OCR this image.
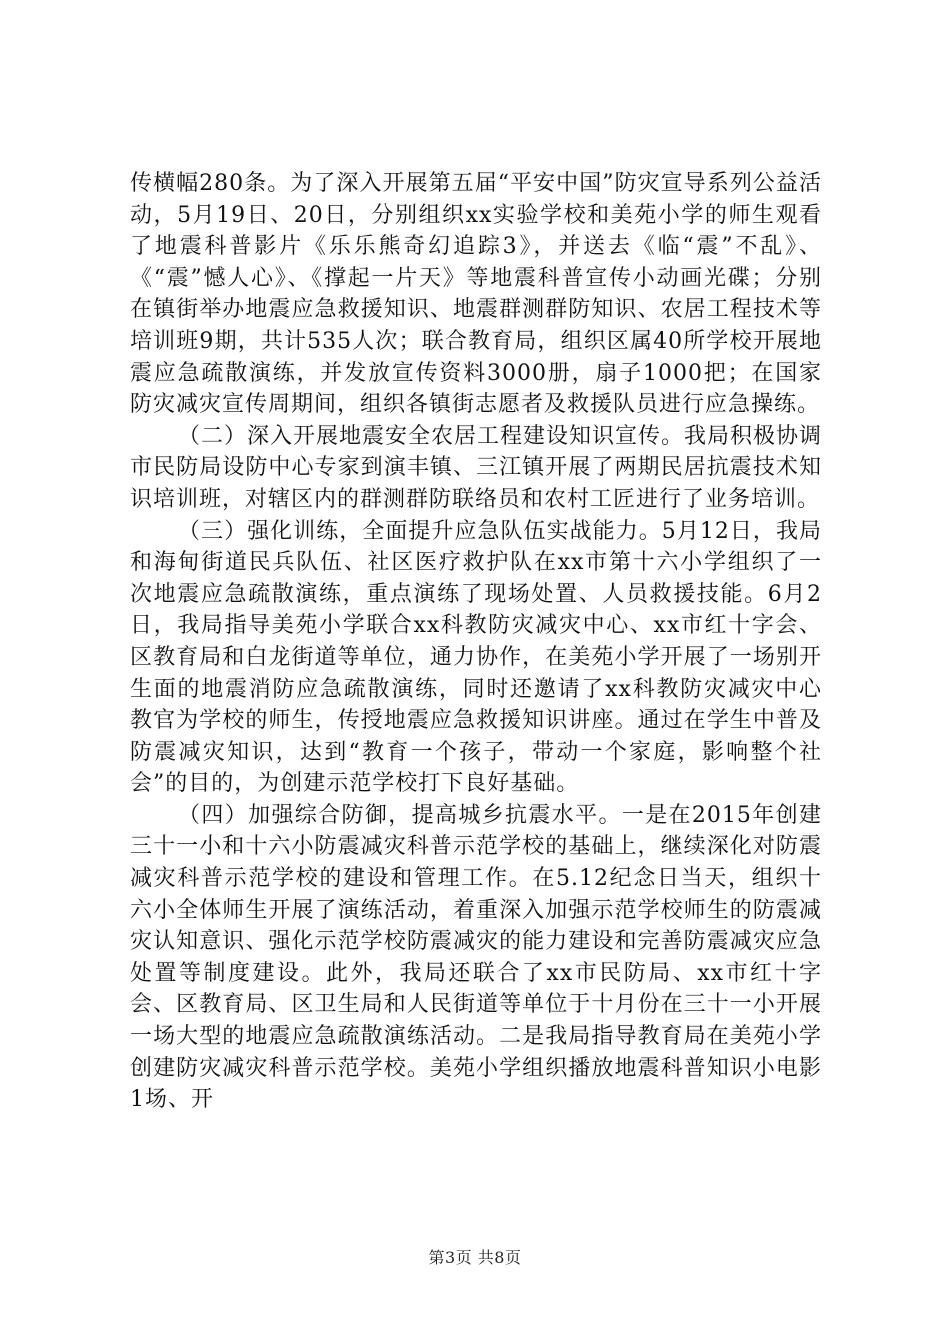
传横幅280条。为了深入开展第五届“平安中国”防灾宣导系列公益活动，5月19日、20日，分别组织xx实验学校和美苑小学的师生观看了地震科普影片《乐乐熊奇幻追踪3》，并送去《临“震”不乱》、《“震”憾人心》、《撑起一片天》等地震科普宣传小动画光碟；分别在镇街举办地震应急救援知识、地震群测群防知识、农居工程技术等培训班9期，共计535人次；联合教育局，组织区属40所学校开展地震应急疏散演练，并发放宣传资料3000册，扇子1000把；在国家防灾减灾宣传周期间，组织各镇街志愿者及救援队员进行应急操练。

（二）深入开展地震安全农居工程建设知识宣传。我局积极协调市民防局设防中心专家到演丰镇、三江镇开展了两期民居抗震技术知识培训班，对辖区内的群测群防联络员和农村工匠进行了业务培训。

（三）强化训练，全面提升应急队伍实战能力。5月12日，我局和海甸街道民兵队伍、社区医疗救护队在xx市第十六小学组织了一次地震应急疏散演练，重点演练了现场处置、人员救援技能。6月2日，我局指导美苑小学联合xx科教防灾减灾中心、xx市红十字会、区教育局和白龙街道等单位，通力协作，在美苑小学开展了一场别开生面的地震消防应急疏散演练，同时还邀请了xx科教防灾减灾中心教官为学校的师生，传授地震应急救援知识讲座。通过在学生中普及防震减灾知识，达到“教育一个孩子，带动一个家庭，影响整个社会”的目的，为创建示范学校打下良好基础。

（四）加强综合防御，提高城乡抗震水平。一是在2015年创建三十一小和十六小防震减灾科普示范学校的基础上，继续深化对防震减灾科普示范学校的建设和管理工作。在5.12纪念日当天，组织十六小全体师生开展了演练活动，着重深入加强示范学校师生的防震减灾认知意识、强化示范学校防震减灾的能力建设和完善防震减灾应急处置等制度建设。此外，我局还联合了xx市民防局、xx市红十字会、区教育局、区卫生局和人民街道等单位于十月份在三十一小开展一场大型的地震应急疏散演练活动。二是我局指导教育局在美苑小学创建防灾减灾科普示范学校。美苑小学组织播放地震科普知识小电影1场、开

第3页 共8页
